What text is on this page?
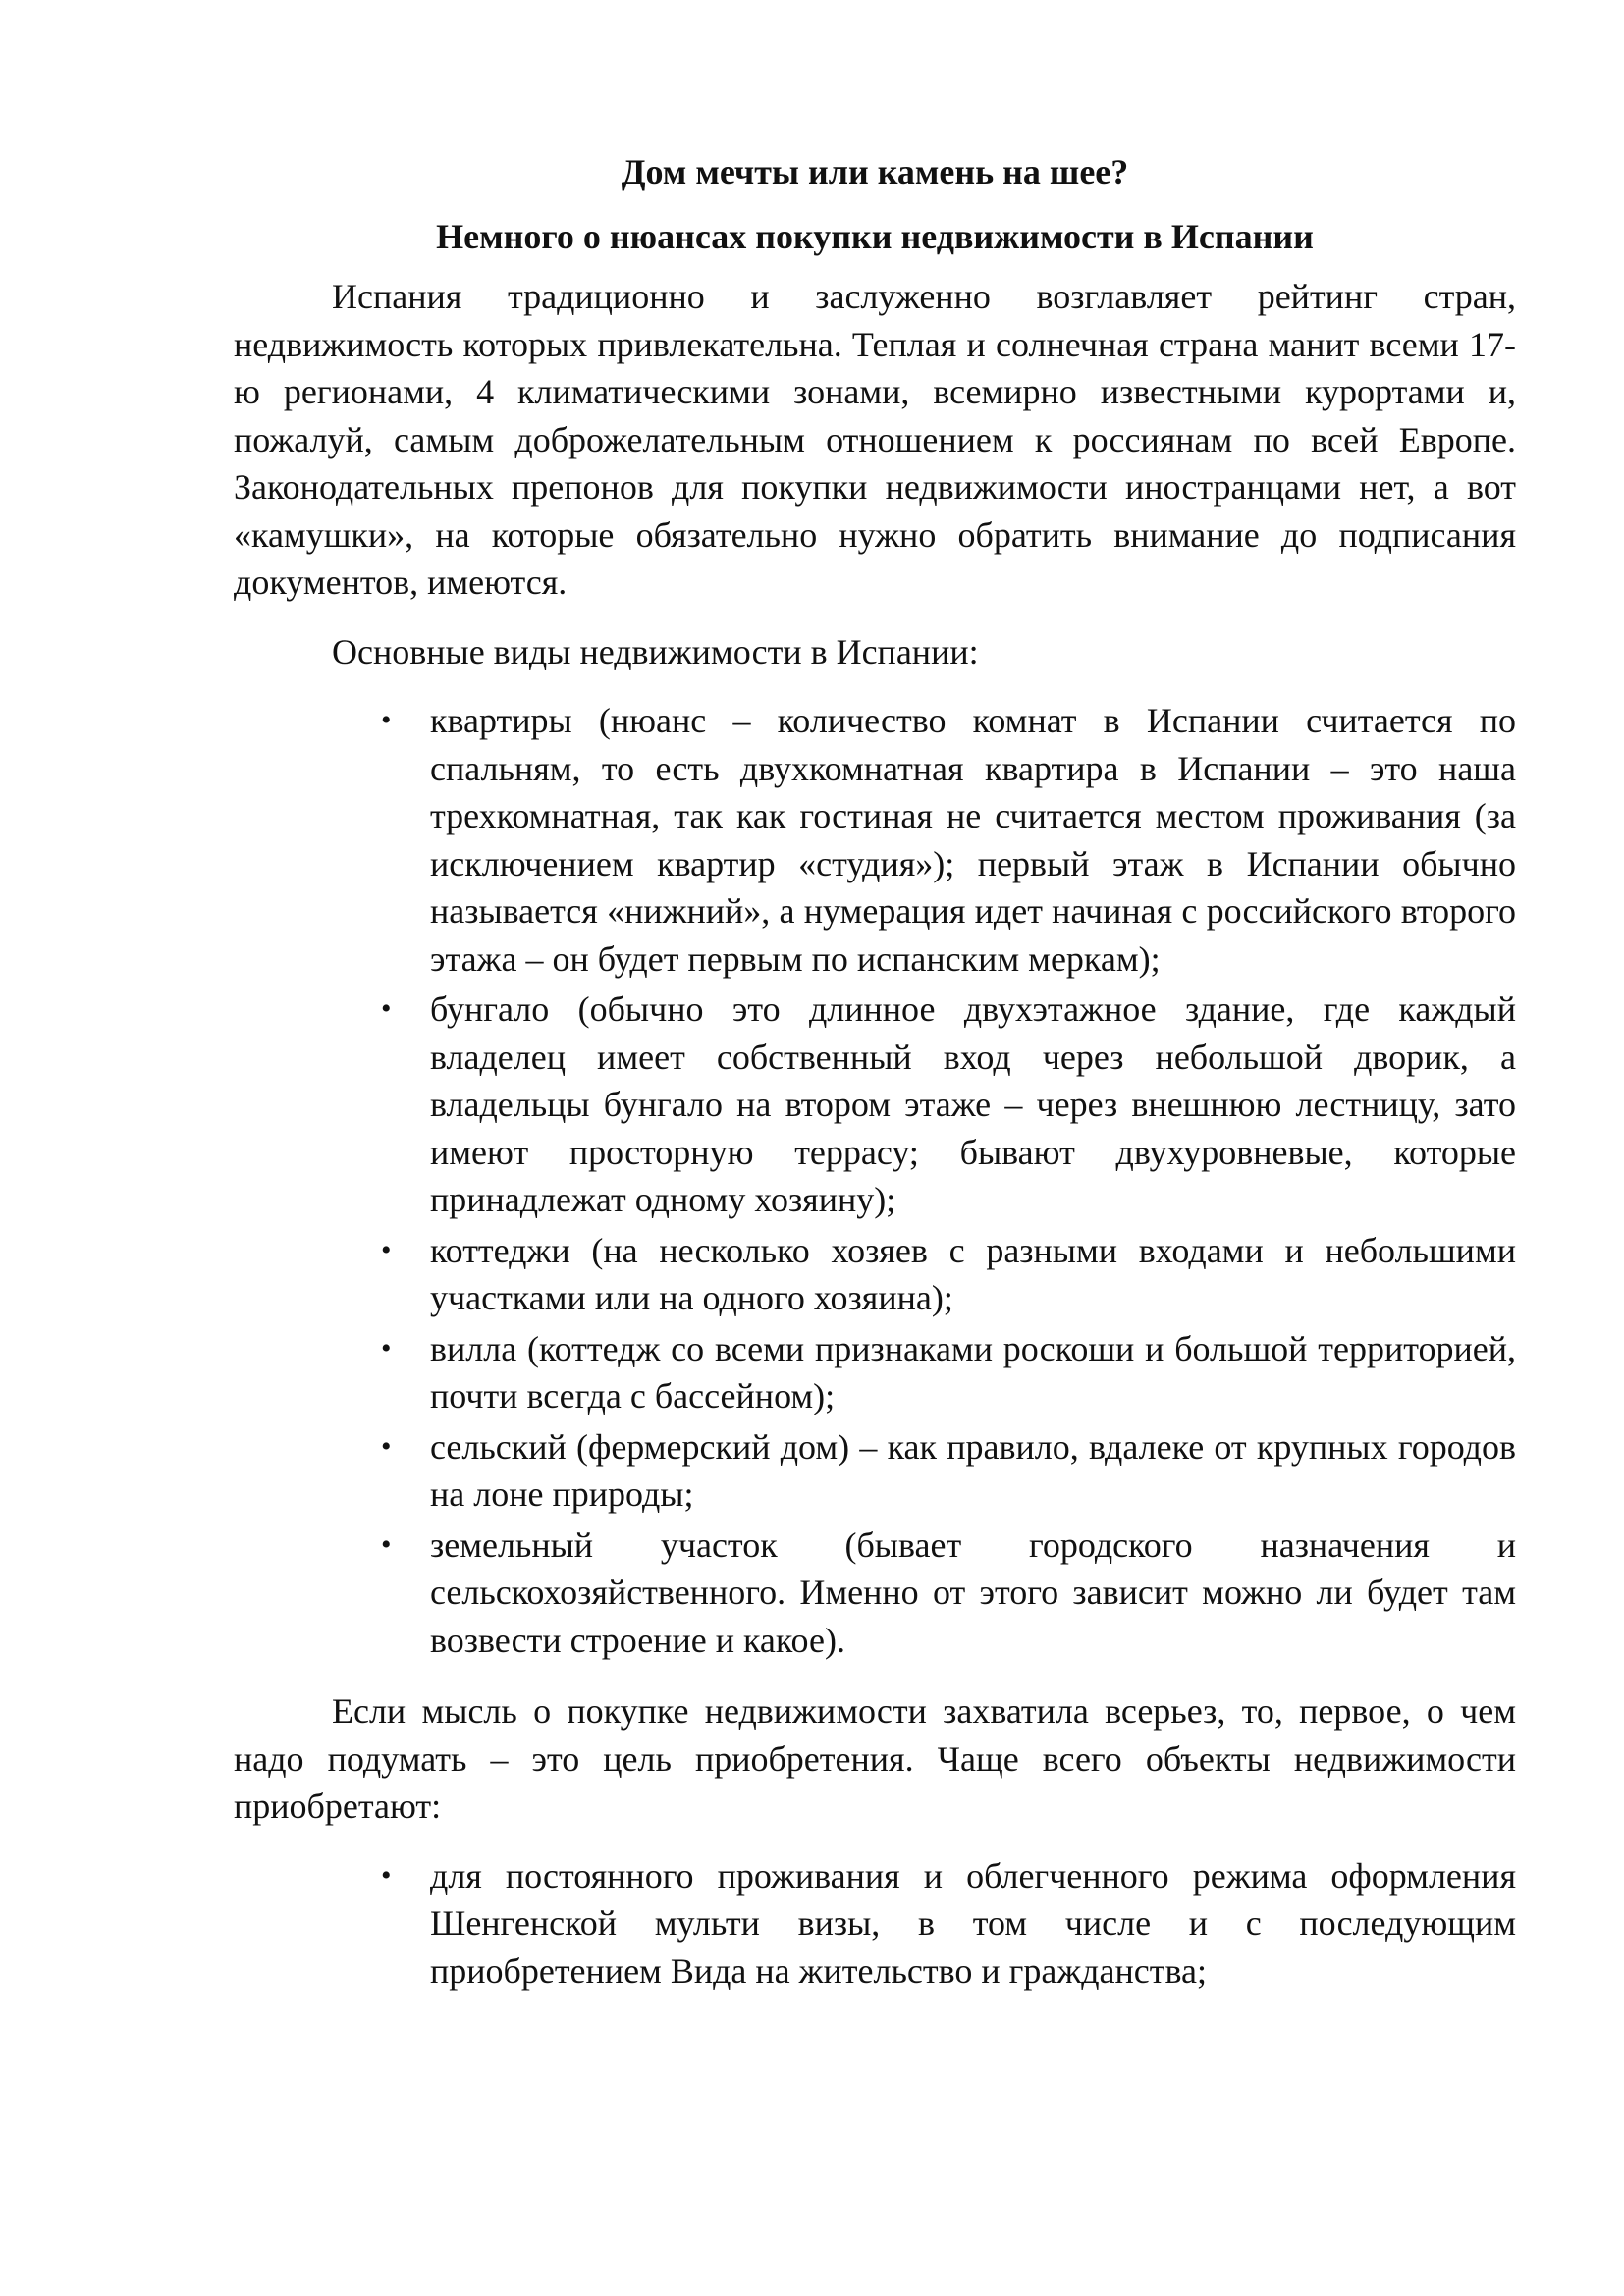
Дом мечты или камень на шее?

Немного о нюансах покупки недвижимости в Испании

Испания традиционно и заслуженно возглавляет рейтинг стран, недвижимость которых привлекательна. Теплая и солнечная страна манит всеми 17-ю регионами, 4 климатическими зонами, всемирно известными курортами и, пожалуй, самым доброжелательным отношением к россиянам по всей Европе. Законодательных препонов для покупки недвижимости иностранцами нет, а вот «камушки», на которые обязательно нужно обратить внимание до подписания документов, имеются.

Основные виды недвижимости в Испании:

• квартиры (нюанс – количество комнат в Испании считается по спальням, то есть двухкомнатная квартира в Испании – это наша трехкомнатная, так как гостиная не считается местом проживания (за исключением квартир «студия»); первый этаж в Испании обычно называется «нижний», а нумерация идет начиная с российского второго этажа – он будет первым по испанским меркам);
• бунгало (обычно это длинное двухэтажное здание, где каждый владелец имеет собственный вход через небольшой дворик, а владельцы бунгало на втором этаже – через внешнюю лестницу, зато имеют просторную террасу; бывают двухуровневые, которые принадлежат одному хозяину);
• коттеджи (на несколько хозяев с разными входами и небольшими участками или на одного хозяина);
• вилла (коттедж со всеми признаками роскоши и большой территорией, почти всегда с бассейном);
• сельский (фермерский дом) – как правило, вдалеке от крупных городов на лоне природы;
• земельный участок (бывает городского назначения и сельскохозяйственного. Именно от этого зависит можно ли будет там возвести строение и какое).

Если мысль о покупке недвижимости захватила всерьез, то, первое, о чем надо подумать – это цель приобретения. Чаще всего объекты недвижимости приобретают:

• для постоянного проживания и облегченного режима оформления Шенгенской мульти визы, в том числе и с последующим приобретением Вида на жительство и гражданства;
